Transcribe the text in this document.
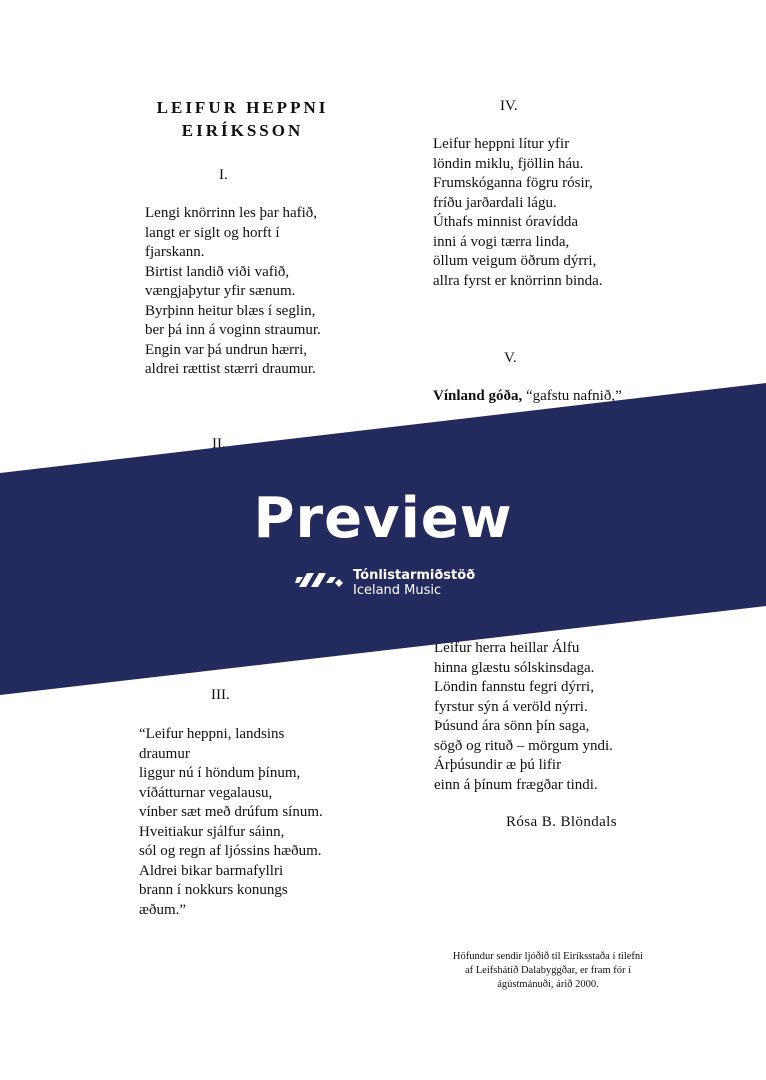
LEIFUR HEPPNI
EIRÍKSSON
I.
Lengi knörrinn les þar hafið,
langt er siglt og horft í
fjarskann.
Birtist landið viði vafið,
vængjaþytur yfir sænum.
Byrþinn heitur blæs í seglin,
ber þá inn á voginn straumur.
Engin var þá undrun hærri,
aldrei rættist stærri draumur.
II.
III.
“Leifur heppni, landsins
draumur
liggur nú í höndum þínum,
víðátturnar vegalausu,
vínber sæt með drúfum sínum.
Hveitiakur sjálfur sáinn,
sól og regn af ljóssins hæðum.
Aldrei bikar barmafyllri
brann í nokkurs konungs
æðum.”
IV.
Leifur heppni lítur yfir
löndin miklu, fjöllin háu.
Frumskóganna fögru rósir,
fríðu jarðardali lágu.
Úthafs minnist óravídda
inni á vogi tærra linda,
öllum veigum öðrum dýrri,
allra fyrst er knörrinn binda.
V.
Vínland góða, “gafstu nafnið,”
Leifur herra heillar Álfu
hinna glæstu sólskinsdaga.
Löndin fannstu fegri dýrri,
fyrstur sýn á veröld nýrri.
Þúsund ára sönn þín saga,
sögð og rituð – mörgum yndi.
Árþúsundir æ þú lifir
einn á þínum frægðar tindi.
Rósa B. Blöndals
Höfundur sendir ljóðið til Eiríksstaða í tilefni
af Leifshátíð Dalabyggðar, er fram fór í
ágústmánuði, árið 2000.
Preview
Tónlistarmiðstöð
Iceland Music
